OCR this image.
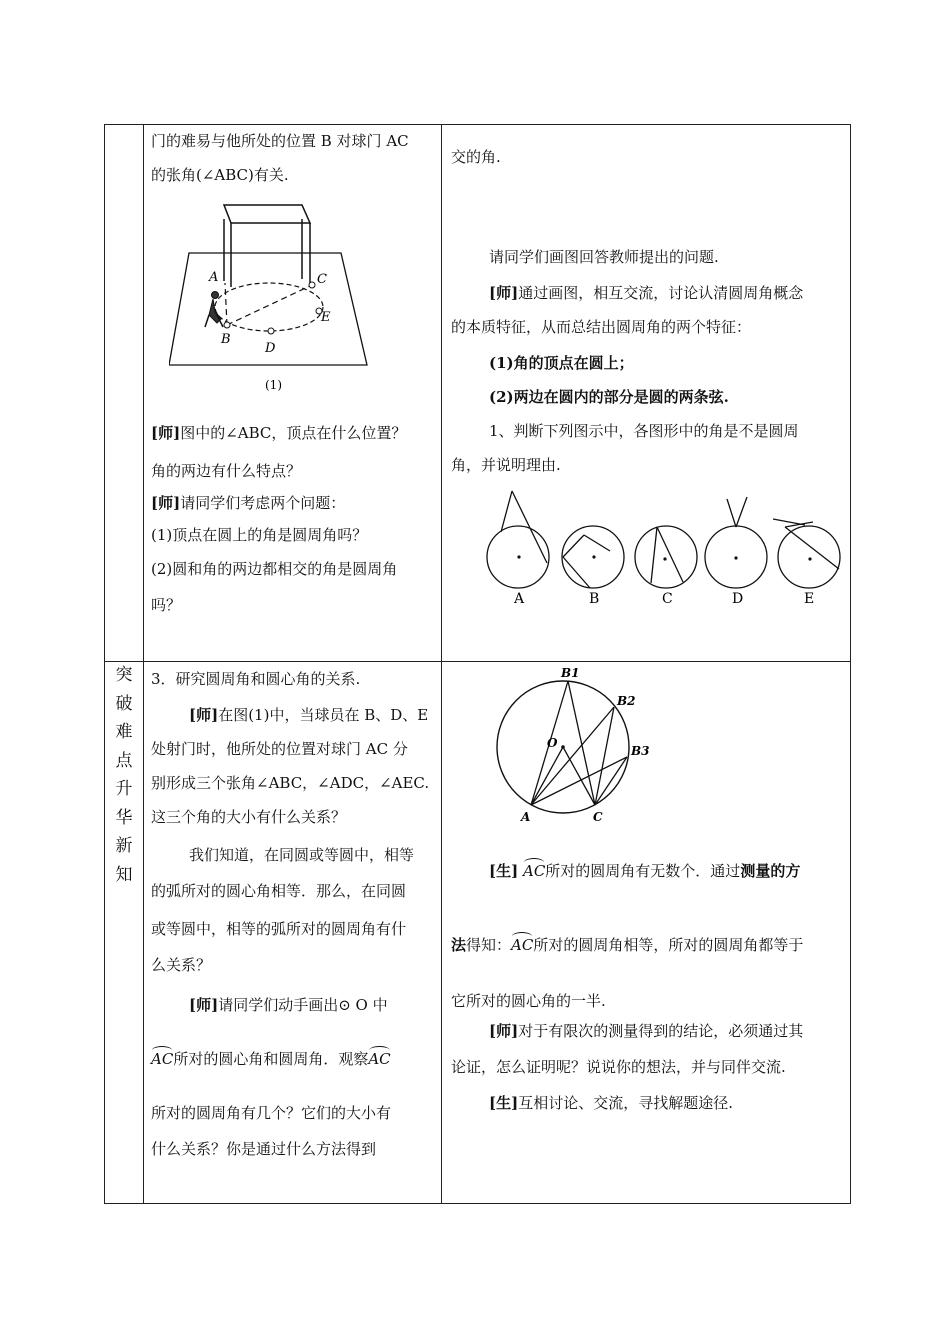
突
破
难
点
升
华
新
知
门的难易与他所处的位置 B 对球门 AC
的张角(∠ABC)有关.
A
B
C
D
E
(1)
[师]图中的∠ABC，顶点在什么位置？
角的两边有什么特点？
[师]请同学们考虑两个问题：
(1)顶点在圆上的角是圆周角吗？
(2)圆和角的两边都相交的角是圆周角
吗？
交的角.
请同学们画图回答教师提出的问题.
[师]通过画图，相互交流，讨论认清圆周角概念
的本质特征，从而总结出圆周角的两个特征：
(1)角的顶点在圆上；
(2)两边在圆内的部分是圆的两条弦.
1、判断下列图示中，各图形中的角是不是圆周
角，并说明理由.
A	B	C	D	E
3．研究圆周角和圆心角的关系.
[师]在图(1)中，当球员在 B、D、E
处射门时，他所处的位置对球门 AC 分
别形成三个张角∠ABC，∠ADC，∠AEC.
这三个角的大小有什么关系？
我们知道，在同圆或等圆中，相等
的弧所对的圆心角相等．那么，在同圆
或等圆中，相等的弧所对的圆周角有什
么关系？
[师]请同学们动手画出⊙ O 中
AC所对的圆心角和圆周角．观察AC
所对的圆周角有几个？它们的大小有
什么关系？你是通过什么方法得到
B1
B2
B3
O
A	C
[生] AC所对的圆周角有无数个．通过测量的方
法得知：AC所对的圆周角相等，所对的圆周角都等于
它所对的圆心角的一半.
[师]对于有限次的测量得到的结论，必须通过其
论证，怎么证明呢？说说你的想法，并与同伴交流.
[生]互相讨论、交流，寻找解题途径.
